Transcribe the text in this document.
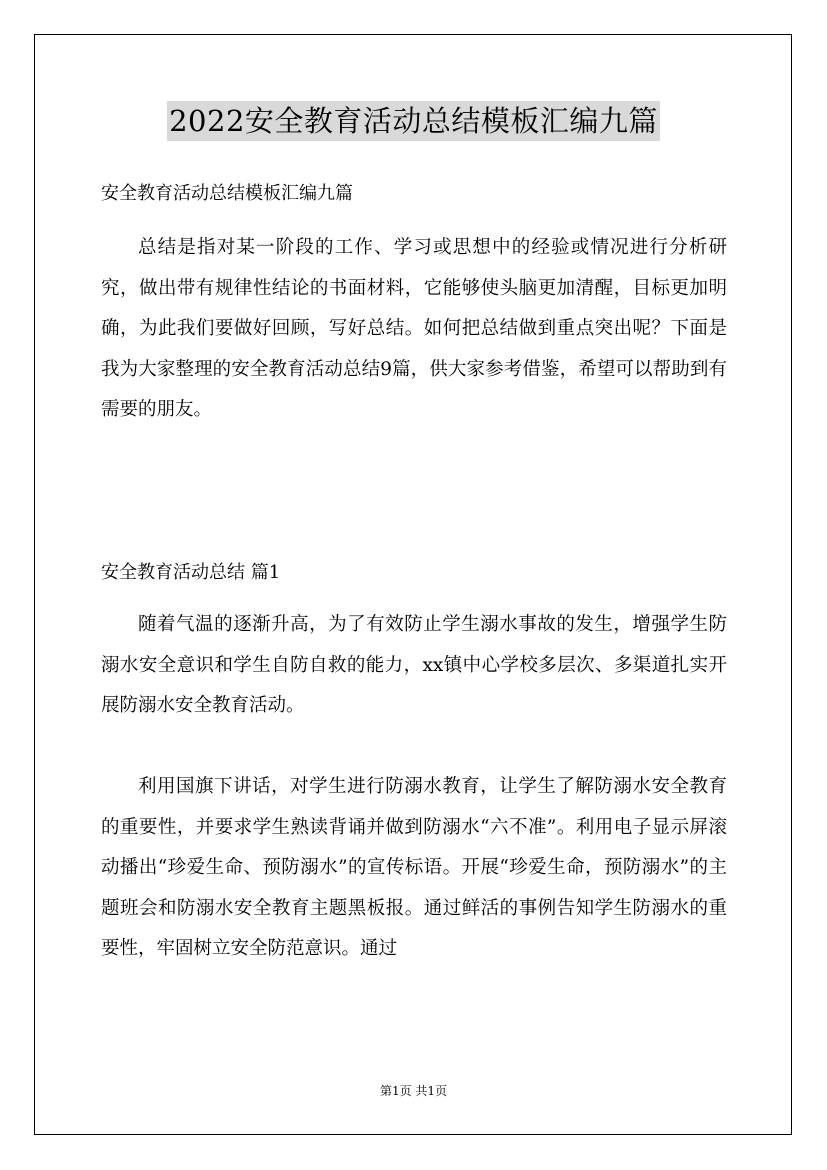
2022安全教育活动总结模板汇编九篇
安全教育活动总结模板汇编九篇

总结是指对某一阶段的工作、学习或思想中的经验或情况进行分析研究，做出带有规律性结论的书面材料，它能够使头脑更加清醒，目标更加明确，为此我们要做好回顾，写好总结。如何把总结做到重点突出呢？下面是我为大家整理的安全教育活动总结9篇，供大家参考借鉴，希望可以帮助到有需要的朋友。

安全教育活动总结 篇1

随着气温的逐渐升高，为了有效防止学生溺水事故的发生，增强学生防溺水安全意识和学生自防自救的能力，xx镇中心学校多层次、多渠道扎实开展防溺水安全教育活动。

利用国旗下讲话，对学生进行防溺水教育，让学生了解防溺水安全教育的重要性，并要求学生熟读背诵并做到防溺水“六不准”。利用电子显示屏滚动播出“珍爱生命、预防溺水”的宣传标语。开展“珍爱生命，预防溺水”的主题班会和防溺水安全教育主题黑板报。通过鲜活的事例告知学生防溺水的重要性，牢固树立安全防范意识。通过

第1页 共1页
